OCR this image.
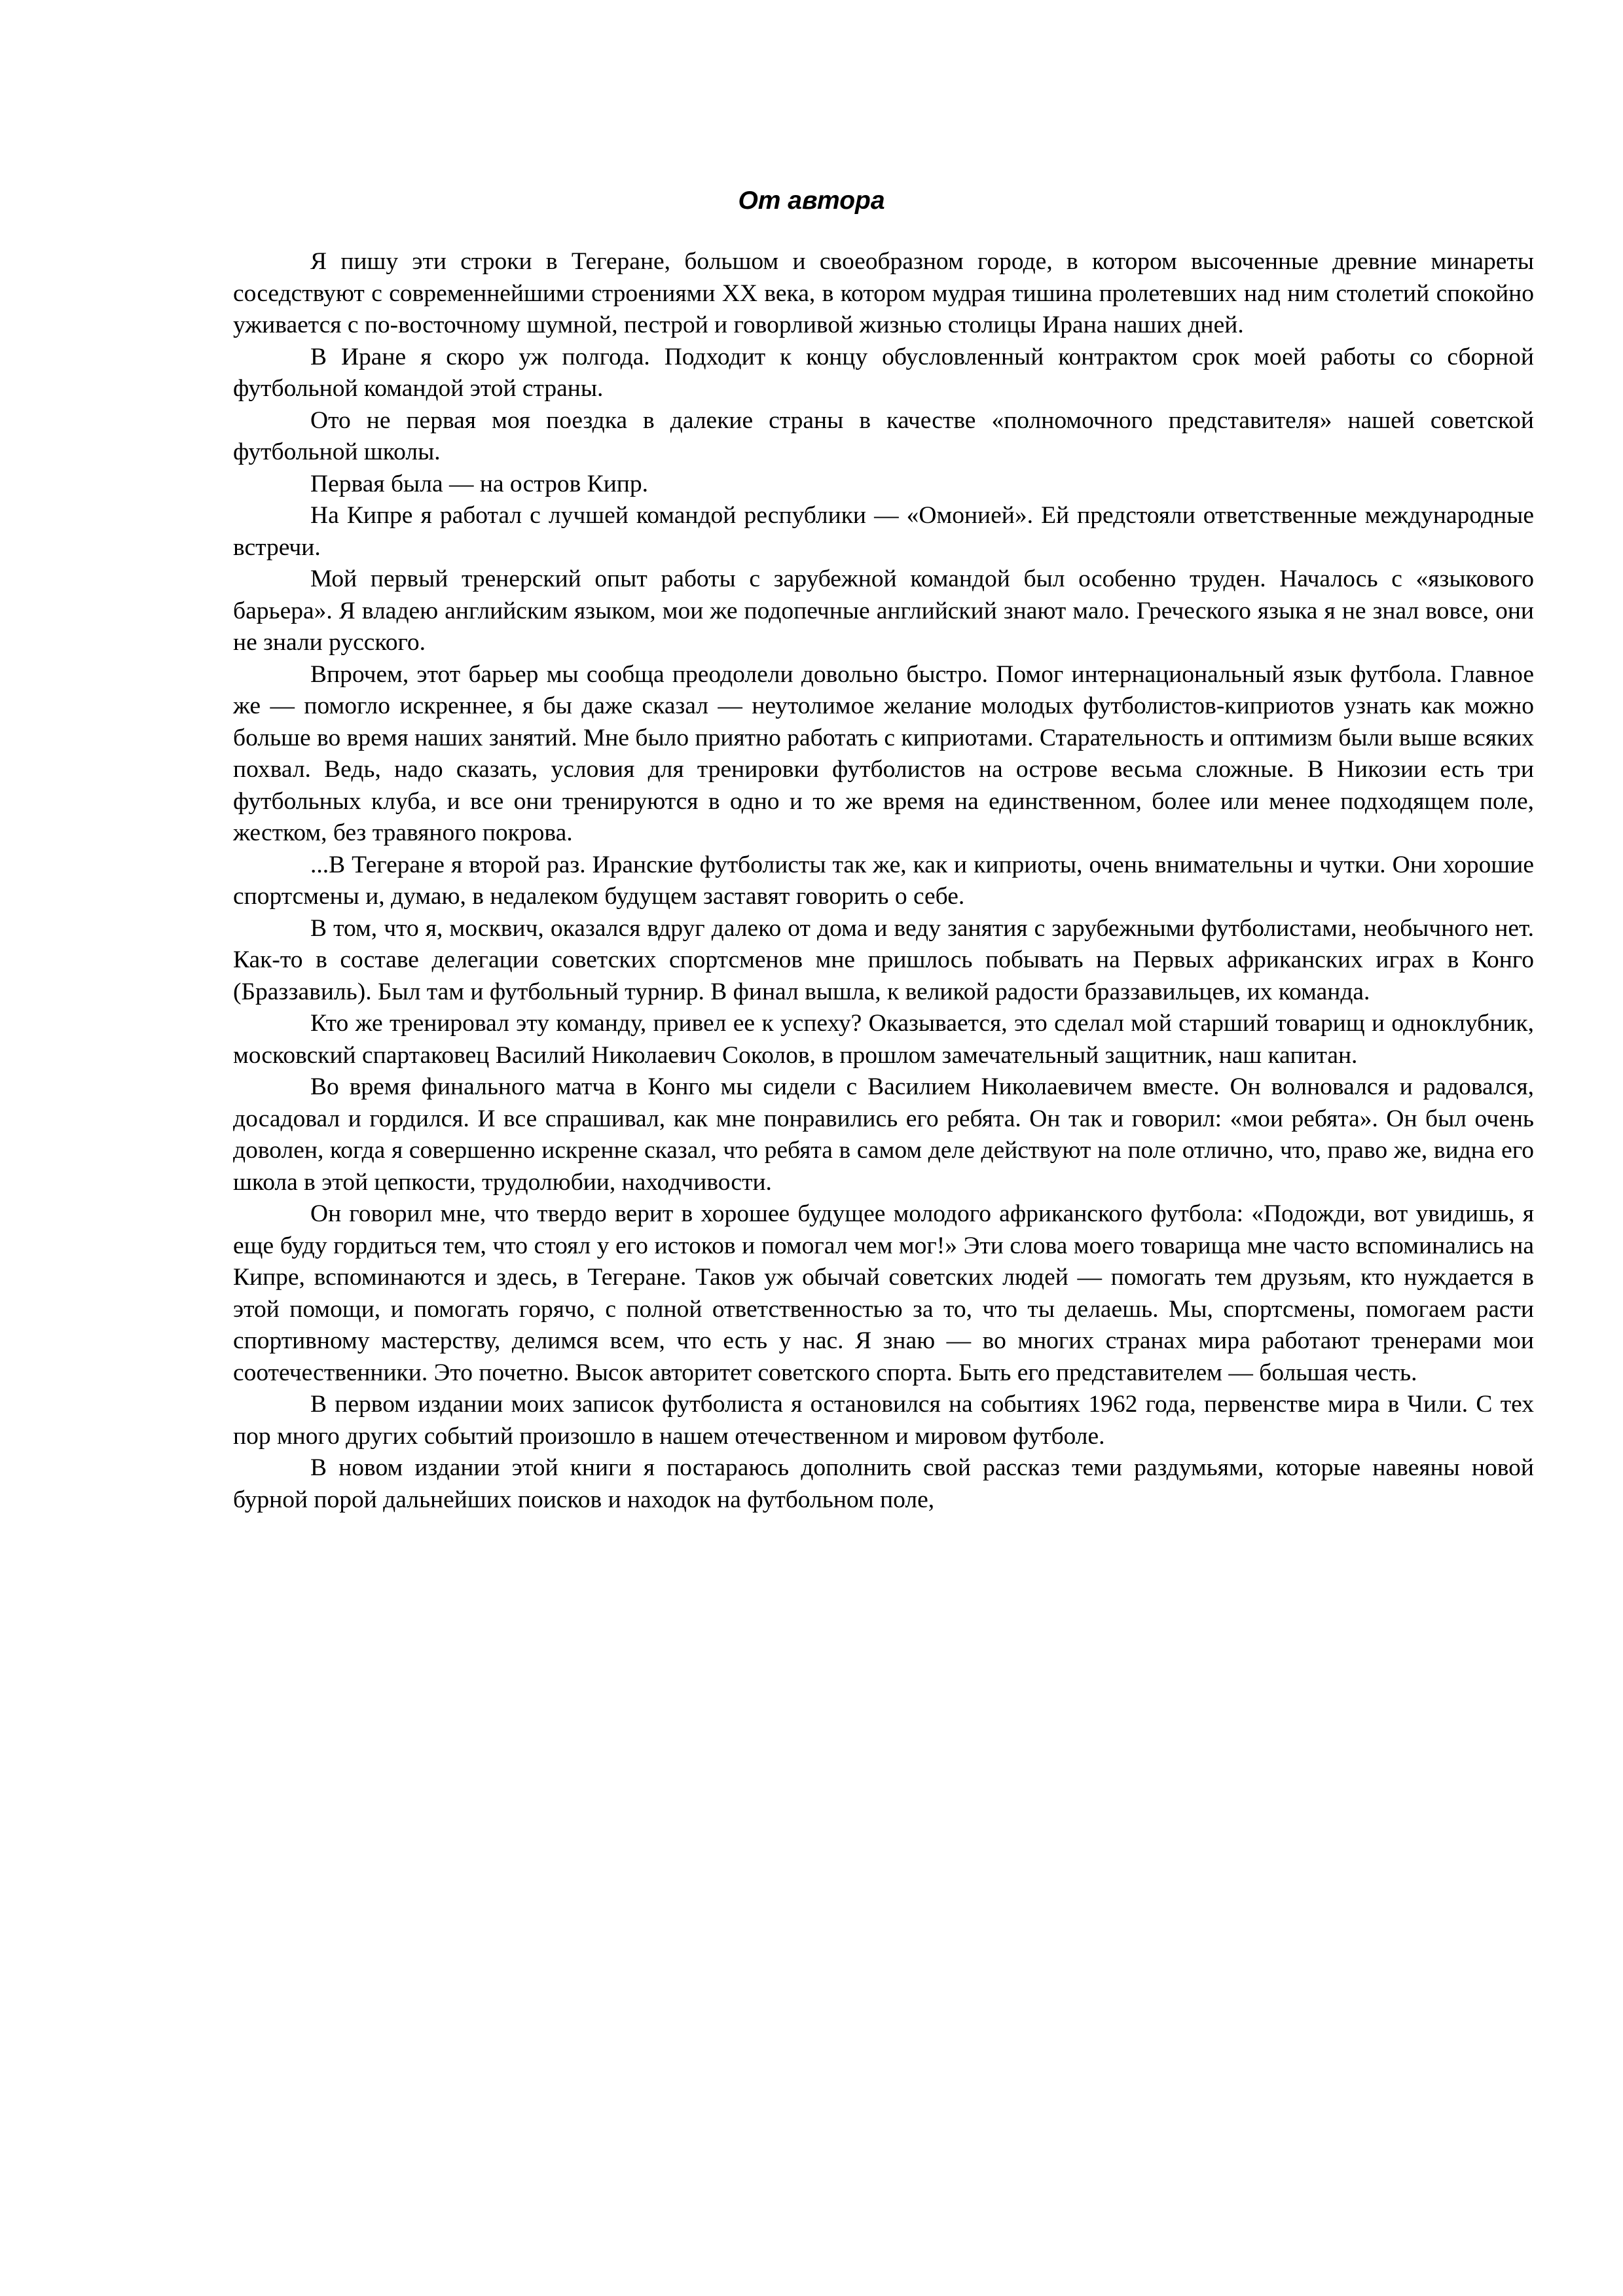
От автора

Я пишу эти строки в Тегеране, большом и своеобразном городе, в котором высоченные древние минареты соседствуют с современнейшими строениями XX века, в котором мудрая тишина пролетевших над ним столетий спокойно уживается с по-восточному шумной, пестрой и говорливой жизнью столицы Ирана наших дней.

В Иране я скоро уж полгода. Подходит к концу обусловленный контрактом срок моей работы со сборной футбольной командой этой страны.

Ото не первая моя поездка в далекие страны в качестве «полномочного представителя» нашей советской футбольной школы.

Первая была — на остров Кипр.

На Кипре я работал с лучшей командой республики — «Омонией». Ей предстояли ответственные международные встречи.

Мой первый тренерский опыт работы с зарубежной командой был особенно труден. Началось с «языкового барьера». Я владею английским языком, мои же подопечные английский знают мало. Греческого языка я не знал вовсе, они не знали русского.

Впрочем, этот барьер мы сообща преодолели довольно быстро. Помог интернациональный язык футбола. Главное же — помогло искреннее, я бы даже сказал — неутолимое желание молодых футболистов-киприотов узнать как можно больше во время наших занятий. Мне было приятно работать с киприотами. Старательность и оптимизм были выше всяких похвал. Ведь, надо сказать, условия для тренировки футболистов на острове весьма сложные. В Никозии есть три футбольных клуба, и все они тренируются в одно и то же время на единственном, более или менее подходящем поле, жестком, без травяного покрова.

...В Тегеране я второй раз. Иранские футболисты так же, как и киприоты, очень внимательны и чутки. Они хорошие спортсмены и, думаю, в недалеком будущем заставят говорить о себе.

В том, что я, москвич, оказался вдруг далеко от дома и веду занятия с зарубежными футболистами, необычного нет. Как-то в составе делегации советских спортсменов мне пришлось побывать на Первых африканских играх в Конго (Браззавиль). Был там и футбольный турнир. В финал вышла, к великой радости браззавильцев, их команда.

Кто же тренировал эту команду, привел ее к успеху? Оказывается, это сделал мой старший товарищ и одноклубник, московский спартаковец Василий Николаевич Соколов, в прошлом замечательный защитник, наш капитан.

Во время финального матча в Конго мы сидели с Василием Николаевичем вместе. Он волновался и радовался, досадовал и гордился. И все спрашивал, как мне понравились его ребята. Он так и говорил: «мои ребята». Он был очень доволен, когда я совершенно искренне сказал, что ребята в самом деле действуют на поле отлично, что, право же, видна его школа в этой цепкости, трудолюбии, находчивости.

Он говорил мне, что твердо верит в хорошее будущее молодого африканского футбола: «Подожди, вот увидишь, я еще буду гордиться тем, что стоял у его истоков и помогал чем мог!» Эти слова моего товарища мне часто вспоминались на Кипре, вспоминаются и здесь, в Тегеране. Таков уж обычай советских людей — помогать тем друзьям, кто нуждается в этой помощи, и помогать горячо, с полной ответственностью за то, что ты делаешь. Мы, спортсмены, помогаем расти спортивному мастерству, делимся всем, что есть у нас. Я знаю — во многих странах мира работают тренерами мои соотечественники. Это почетно. Высок авторитет советского спорта. Быть его представителем — большая честь.

В первом издании моих записок футболиста я остановился на событиях 1962 года, первенстве мира в Чили. С тех пор много других событий произошло в нашем отечественном и мировом футболе.

В новом издании этой книги я постараюсь дополнить свой рассказ теми раздумьями, которые навеяны новой бурной порой дальнейших поисков и находок на футбольном поле,
